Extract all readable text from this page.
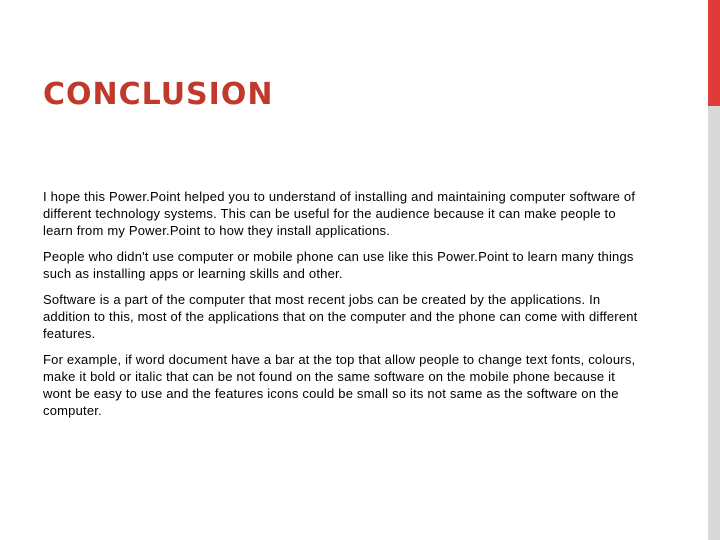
CONCLUSION

I hope this Power.Point helped you to understand of installing and maintaining computer software of different technology systems. This can be useful for the audience because it can make people to learn from my Power.Point to how they install applications.

People who didn't use computer or mobile phone can use like this Power.Point to learn many things such as installing apps or learning skills and other.

Software is a part of the computer that most recent jobs can be created by the applications. In addition to this, most of the applications that on the computer and the phone can come with different features.

For example, if word document have a bar at the top that allow people to change text fonts, colours, make it bold or italic that can be not found on the same software on the mobile phone because it wont be easy to use and the features icons could be small so its not same as the software on the computer.
